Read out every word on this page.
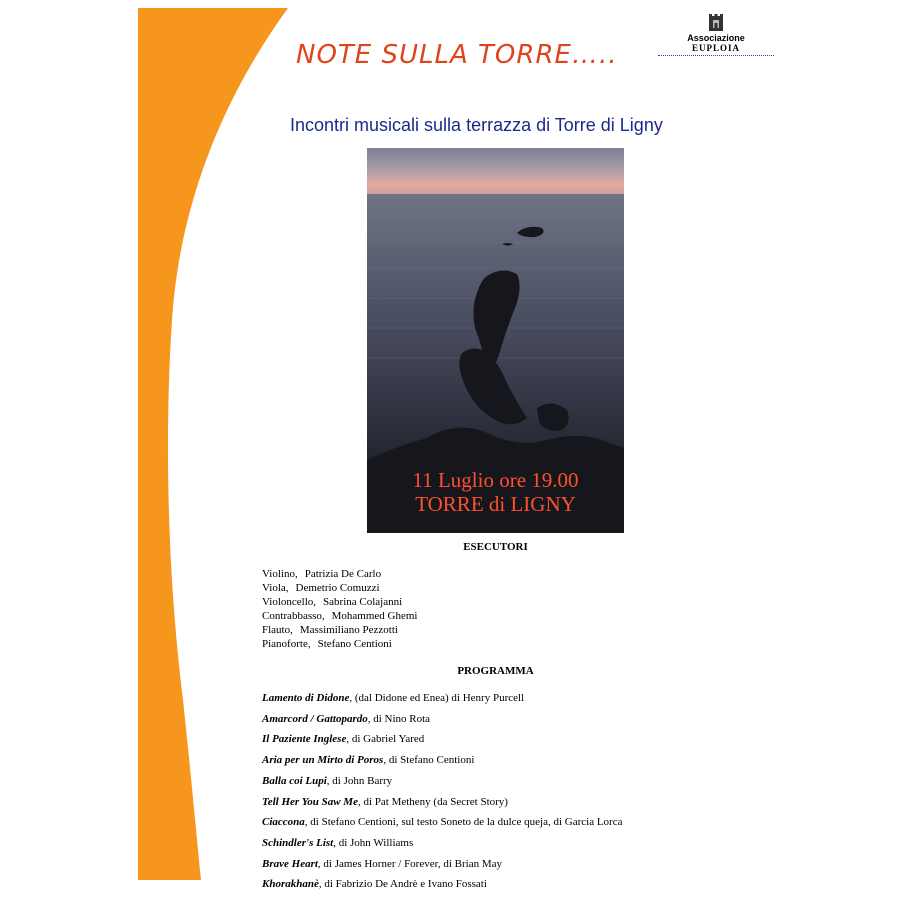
NOTE SULLA TORRE…..
Associazione
EUPLOIA
Incontri musicali sulla terrazza di Torre di Ligny
11 Luglio ore 19.00
TORRE di LIGNY
ESECUTORI
Violino, Patrizia De Carlo
Viola, Demetrio Comuzzi
Violoncello, Sabrina Colajanni
Contrabbasso, Mohammed Ghemi
Flauto, Massimiliano Pezzotti
Pianoforte, Stefano Centioni
PROGRAMMA
Lamento di Didone, (dal Didone ed Enea) di Henry Purcell
Amarcord / Gattopardo, di Nino Rota
Il Paziente Inglese, di Gabriel Yared
Aria per un Mirto di Poros, di Stefano Centioni
Balla coi Lupi, di John Barry
Tell Her You Saw Me, di Pat Metheny (da Secret Story)
Ciaccona, di Stefano Centioni, sul testo Soneto de la dulce queja, di Garcia Lorca
Schindler's List, di John Williams
Brave Heart, di James Horner / Forever, di Brian May
Khorakhanè, di Fabrizio De Andrè e Ivano Fossati
